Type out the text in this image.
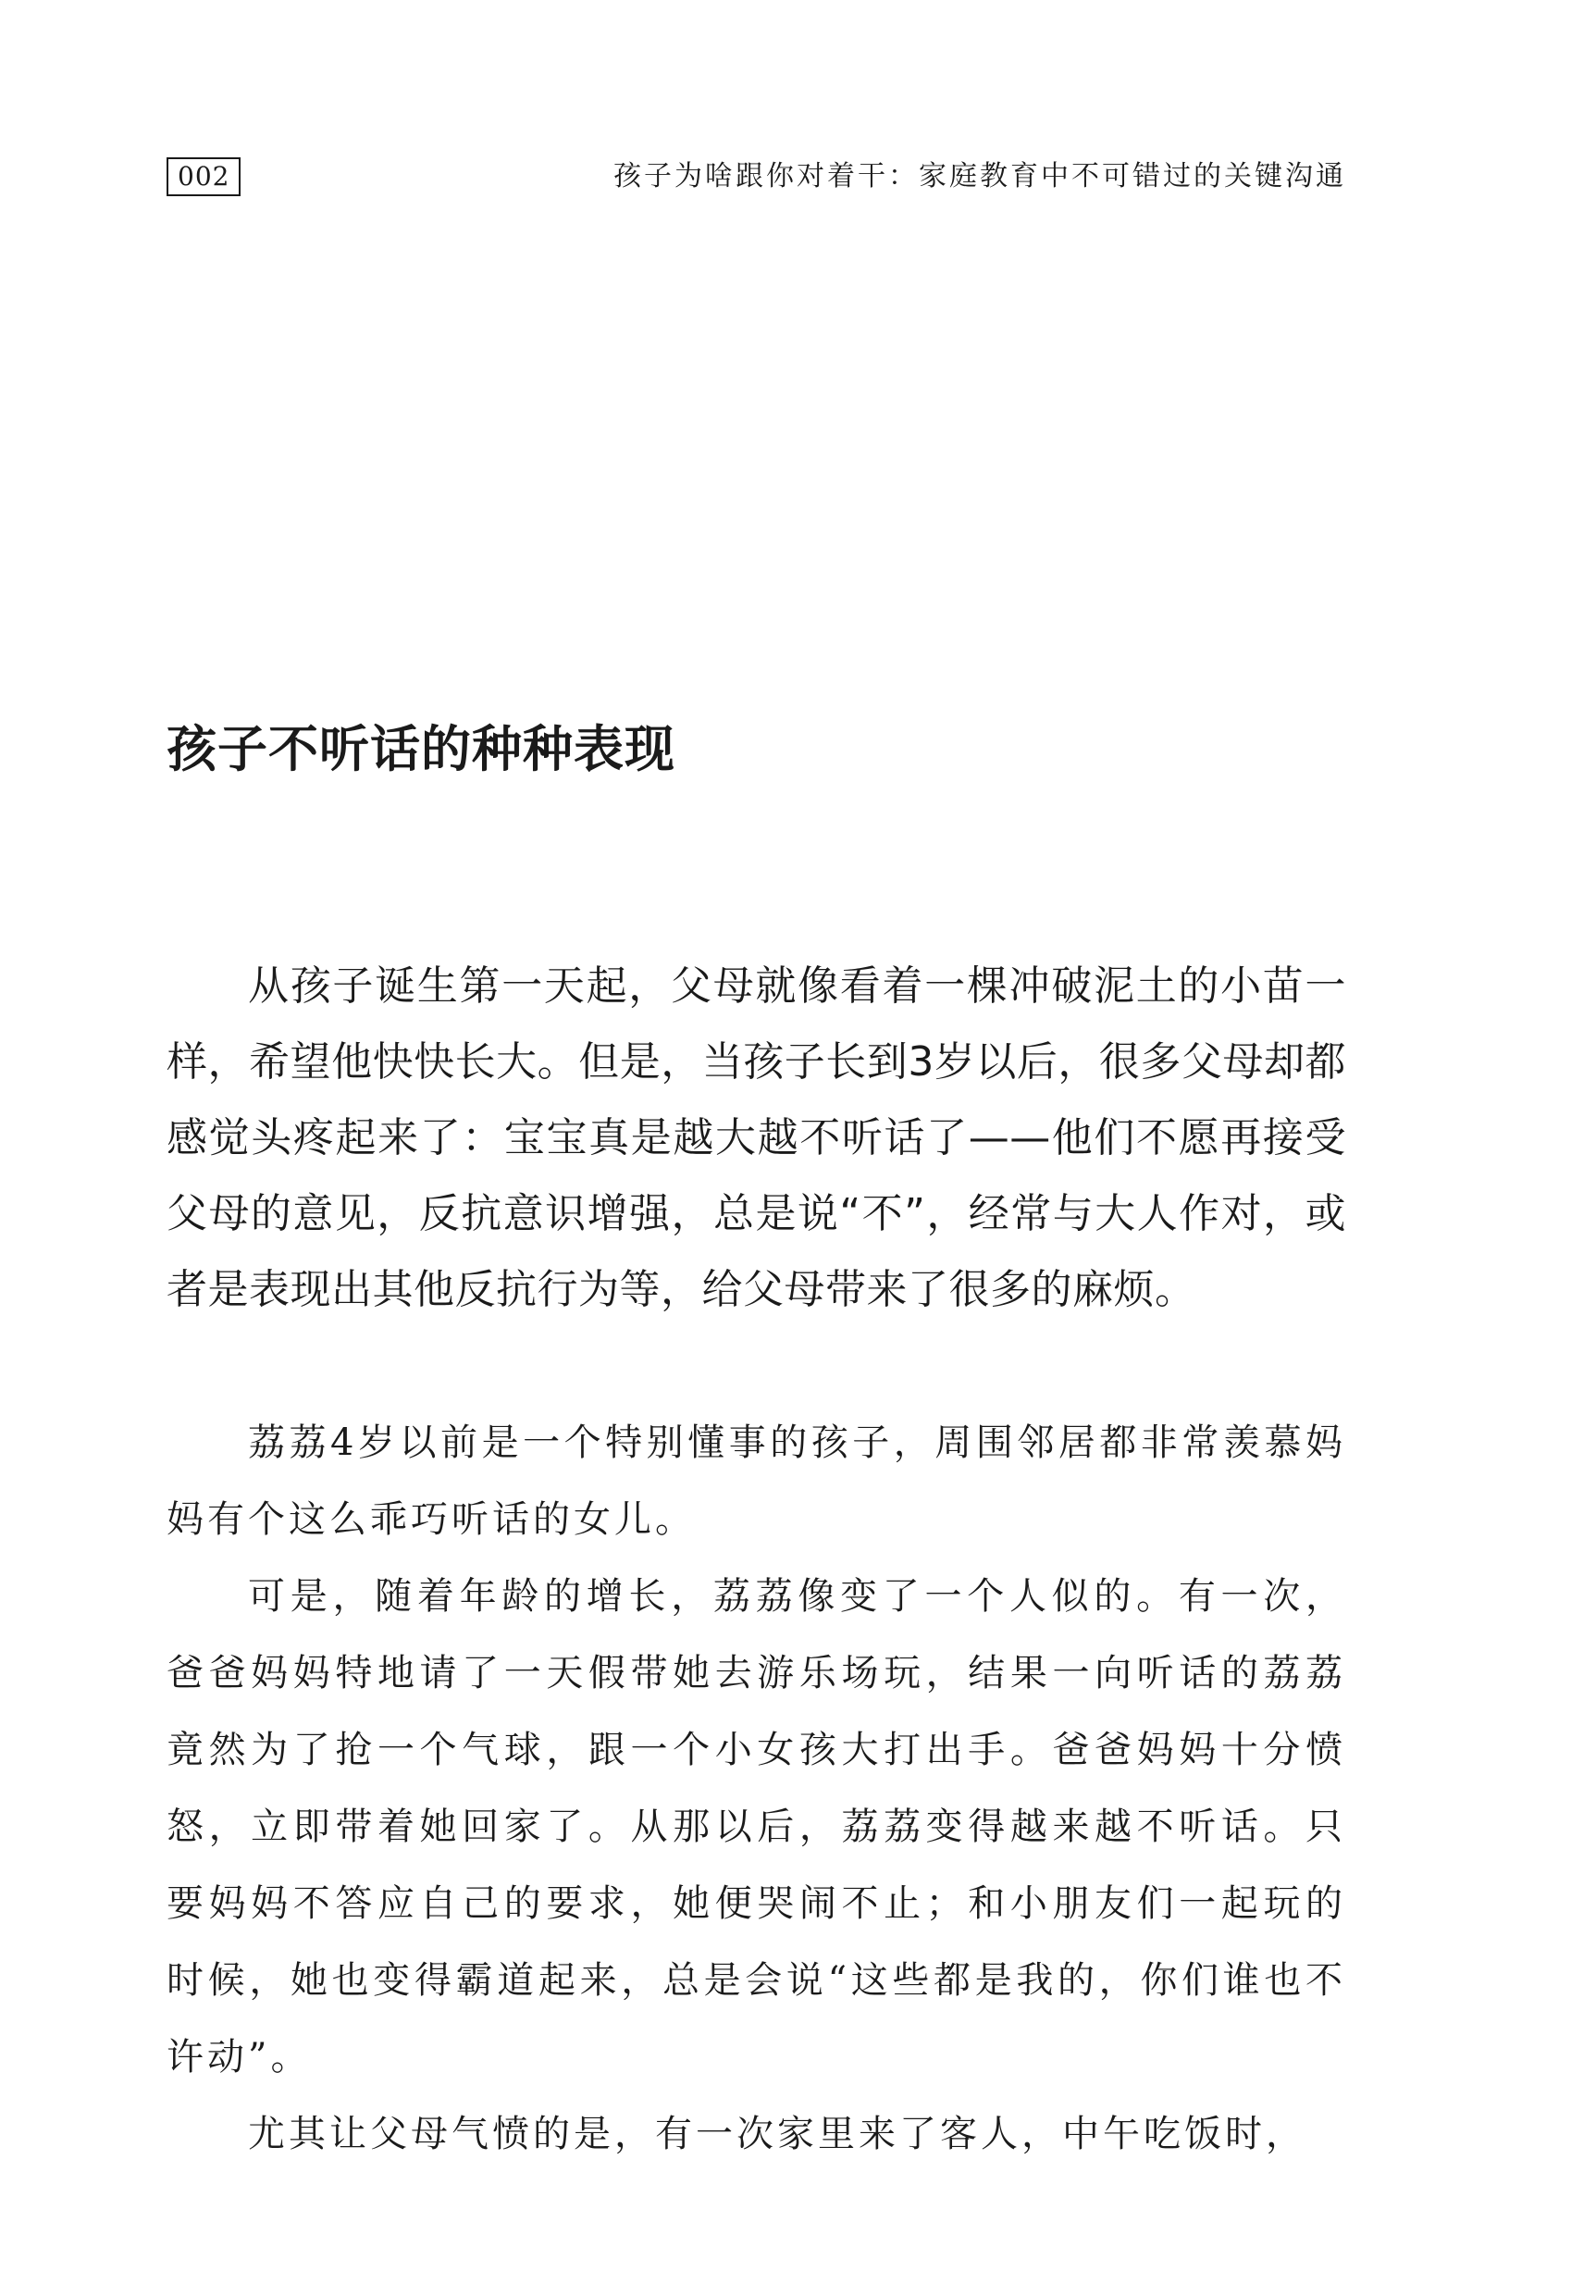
002	孩子为啥跟你对着干：家庭教育中不可错过的关键沟通
孩子不听话的种种表现

从孩子诞生第一天起，父母就像看着一棵冲破泥土的小苗一样，希望他快快长大。但是，当孩子长到3岁以后，很多父母却都感觉头疼起来了：宝宝真是越大越不听话了——他们不愿再接受父母的意见，反抗意识增强，总是说“不”，经常与大人作对，或者是表现出其他反抗行为等，给父母带来了很多的麻烦。

荔荔4岁以前是一个特别懂事的孩子，周围邻居都非常羡慕妈妈有个这么乖巧听话的女儿。

可是，随着年龄的增长，荔荔像变了一个人似的。有一次，爸爸妈妈特地请了一天假带她去游乐场玩，结果一向听话的荔荔竟然为了抢一个气球，跟一个小女孩大打出手。爸爸妈妈十分愤怒，立即带着她回家了。从那以后，荔荔变得越来越不听话。只要妈妈不答应自己的要求，她便哭闹不止；和小朋友们一起玩的时候，她也变得霸道起来，总是会说“这些都是我的，你们谁也不许动”。

尤其让父母气愤的是，有一次家里来了客人，中午吃饭时，
